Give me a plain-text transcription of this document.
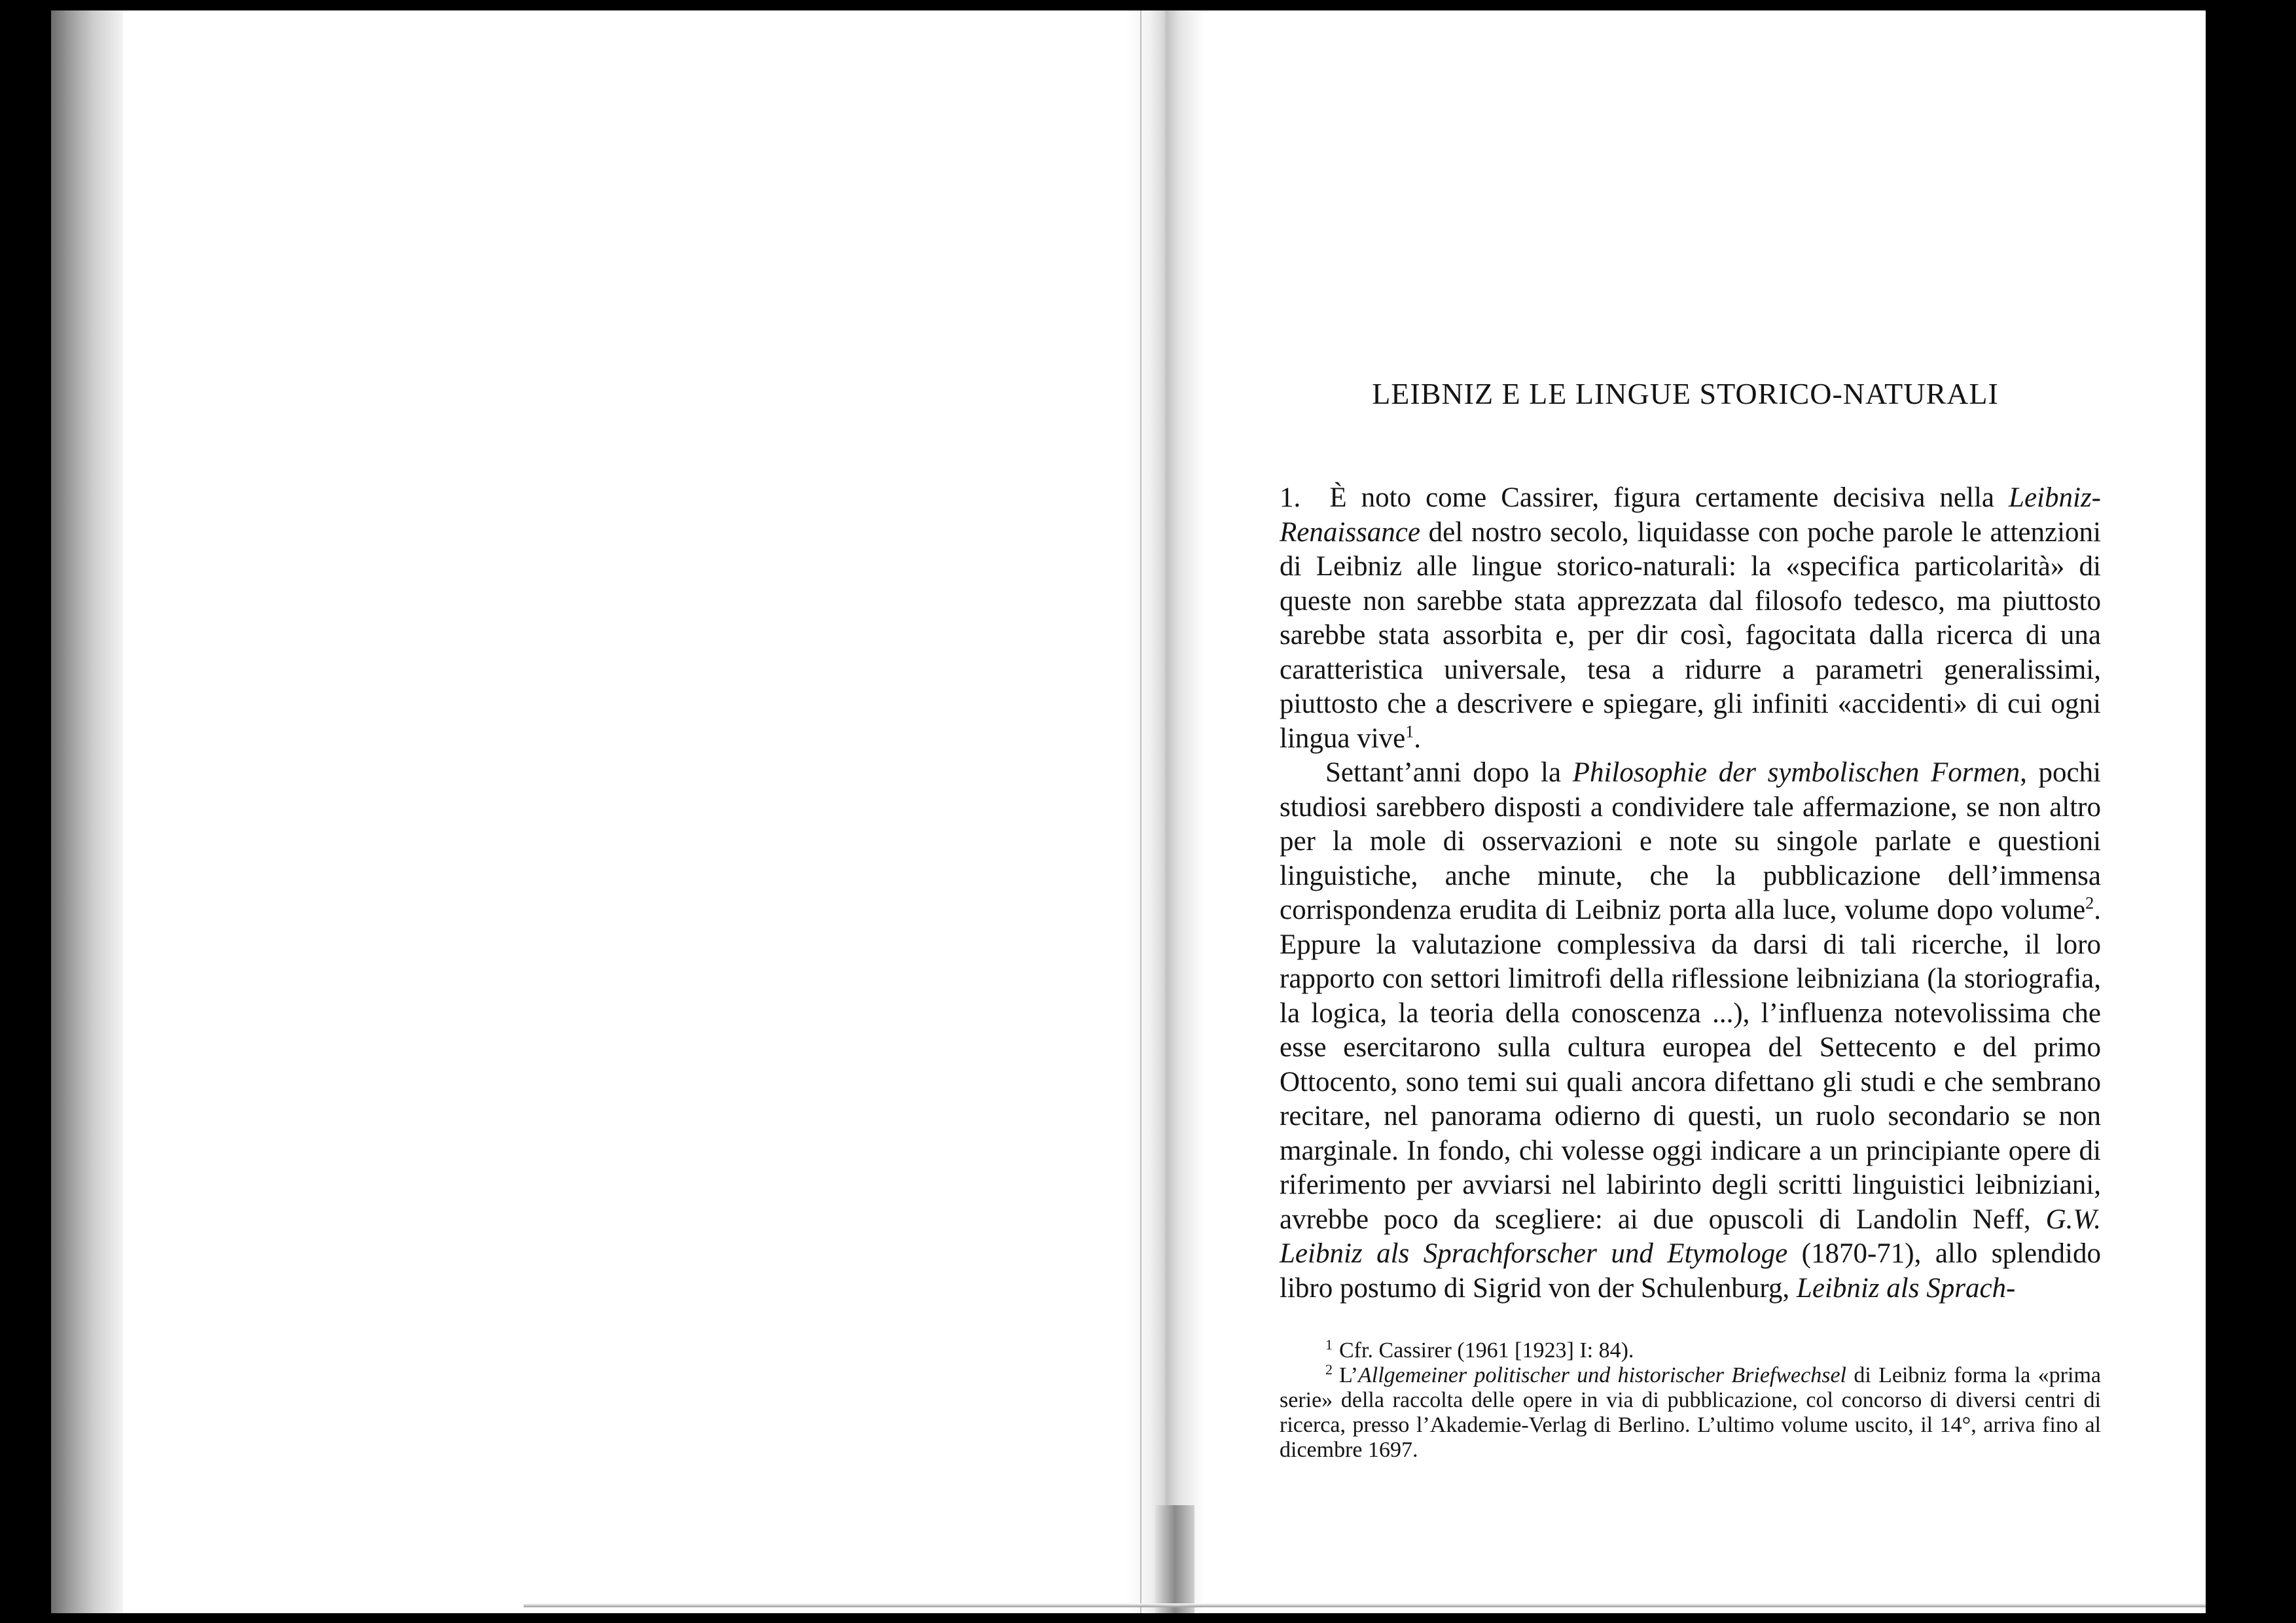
LEIBNIZ E LE LINGUE STORICO-NATURALI

1. È noto come Cassirer, figura certamente decisiva nella Leibniz-Renaissance del nostro secolo, liquidasse con poche parole le attenzioni di Leibniz alle lingue storico-naturali: la «specifica particolarità» di queste non sarebbe stata apprezzata dal filosofo tedesco, ma piuttosto sarebbe stata assorbita e, per dir così, fagocitata dalla ricerca di una caratteristica universale, tesa a ridurre a parametri generalissimi, piuttosto che a descrivere e spiegare, gli infiniti «accidenti» di cui ogni lingua vive$^1$.

Settant’anni dopo la Philosophie der symbolischen Formen, pochi studiosi sarebbero disposti a condividere tale affermazione, se non altro per la mole di osservazioni e note su singole parlate e questioni linguistiche, anche minute, che la pubblicazione dell’immensa corrispondenza erudita di Leibniz porta alla luce, volume dopo volume$^2$. Eppure la valutazione complessiva da darsi di tali ricerche, il loro rapporto con settori limitrofi della riflessione leibniziana (la storiografia, la logica, la teoria della conoscenza ...), l’influenza notevolissima che esse esercitarono sulla cultura europea del Settecento e del primo Ottocento, sono temi sui quali ancora difettano gli studi e che sembrano recitare, nel panorama odierno di questi, un ruolo secondario se non marginale. In fondo, chi volesse oggi indicare a un principiante opere di riferimento per avviarsi nel labirinto degli scritti linguistici leibniziani, avrebbe poco da scegliere: ai due opuscoli di Landolin Neff, G.W. Leibniz als Sprachforscher und Etymologe (1870-71), allo splendido libro postumo di Sigrid von der Schulenburg, Leibniz als Sprach-

$^1$ Cfr. Cassirer (1961 [1923] I: 84).

$^2$ L’Allgemeiner politischer und historischer Briefwechsel di Leibniz forma la «prima serie» della raccolta delle opere in via di pubblicazione, col concorso di diversi centri di ricerca, presso l’Akademie-Verlag di Berlino. L’ultimo volume uscito, il 14°, arriva fino al dicembre 1697.
